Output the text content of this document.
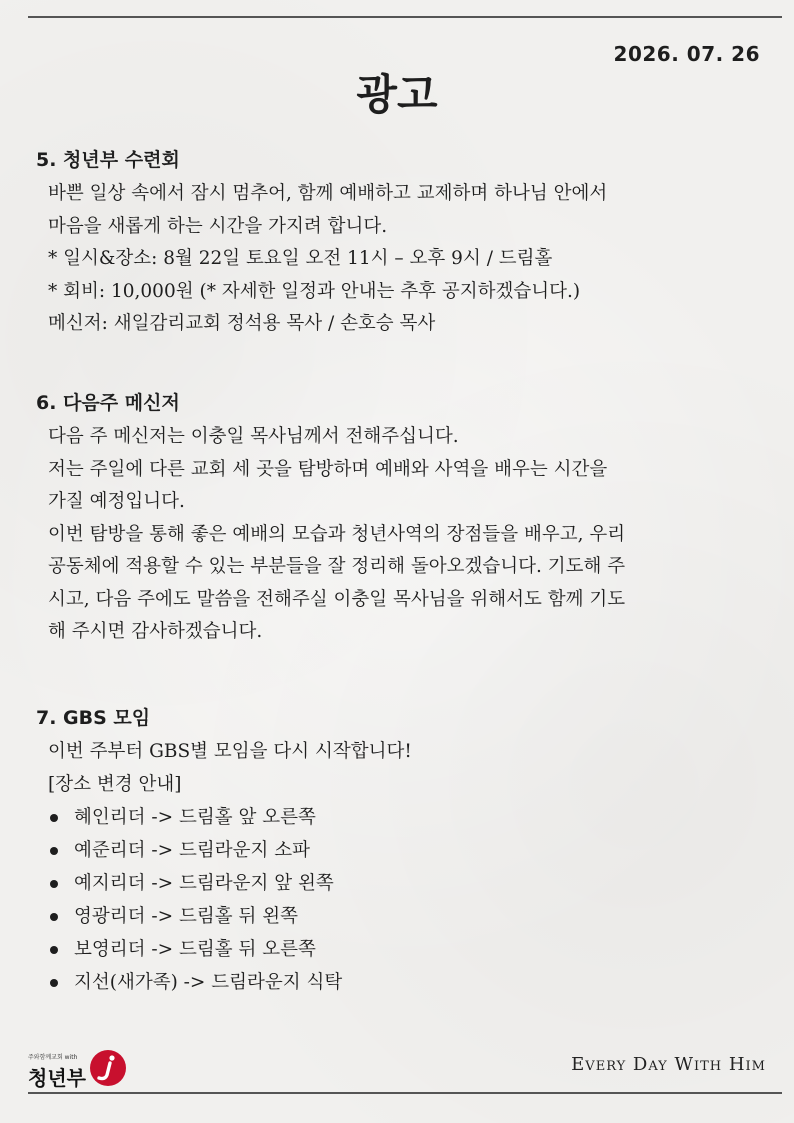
2026. 07. 26
광고
5. 청년부 수련회
바쁜 일상 속에서 잠시 멈추어, 함께 예배하고 교제하며 하나님 안에서
마음을 새롭게 하는 시간을 가지려 합니다.
* 일시&장소: 8월 22일 토요일 오전 11시 – 오후 9시 / 드림홀
* 회비: 10,000원 (* 자세한 일정과 안내는 추후 공지하겠습니다.)
메신저: 새일감리교회 정석용 목사 / 손호승 목사
6. 다음주 메신저
다음 주 메신저는 이충일 목사님께서 전해주십니다.
저는 주일에 다른 교회 세 곳을 탐방하며 예배와 사역을 배우는 시간을
가질 예정입니다.
이번 탐방을 통해 좋은 예배의 모습과 청년사역의 장점들을 배우고, 우리
공동체에 적용할 수 있는 부분들을 잘 정리해 돌아오겠습니다. 기도해 주
시고, 다음 주에도 말씀을 전해주실 이충일 목사님을 위해서도 함께 기도
해 주시면 감사하겠습니다.
7. GBS 모임
이번 주부터 GBS별 모임을 다시 시작합니다!
[장소 변경 안내]
혜인리더 -> 드림홀 앞 오른쪽
예준리더 -> 드림라운지 소파
예지리더 -> 드림라운지 앞 왼쪽
영광리더 -> 드림홀 뒤 왼쪽
보영리더 -> 드림홀 뒤 오른쪽
지선(새가족) -> 드림라운지 식탁
주와함께교회 with
청년부
Every Day With Him
